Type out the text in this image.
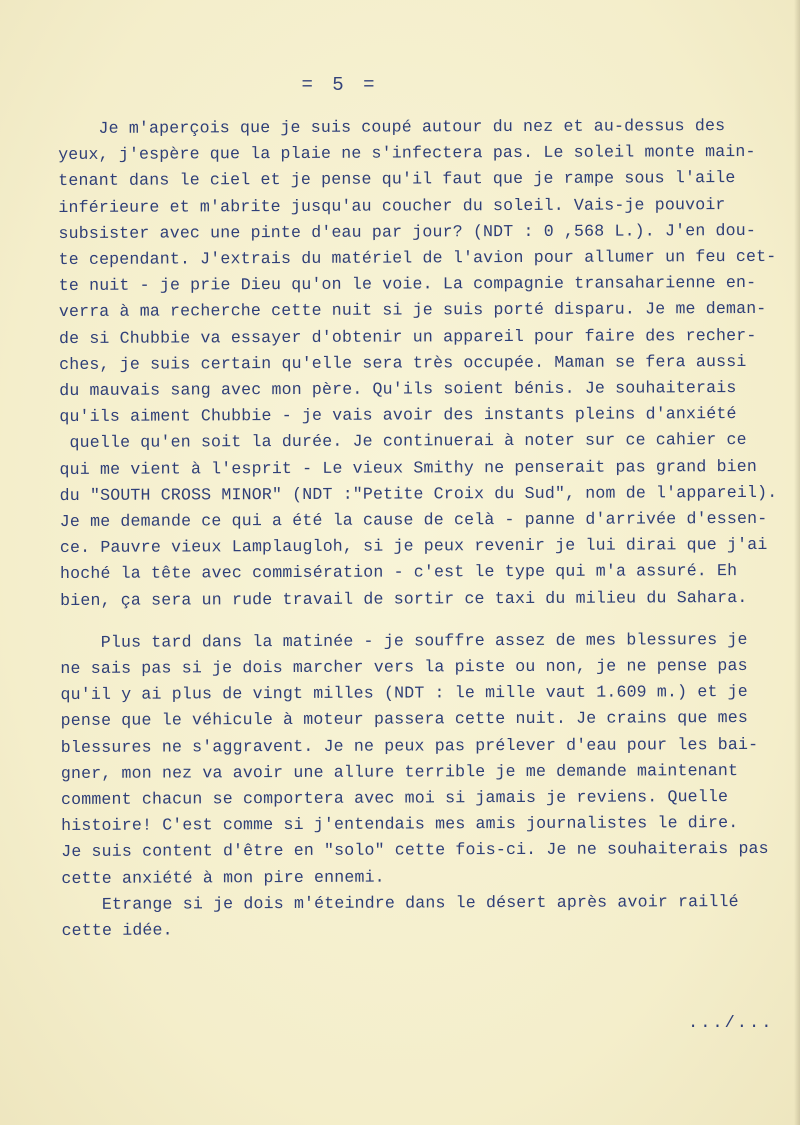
= 5 =
Je m'aperçois que je suis coupé autour du nez et au-dessus des
yeux, j'espère que la plaie ne s'infectera pas. Le soleil monte main-
tenant dans le ciel et je pense qu'il faut que je rampe sous l'aile
inférieure et m'abrite jusqu'au coucher du soleil. Vais-je pouvoir
subsister avec une pinte d'eau par jour? (NDT : 0 ,568 L.). J'en dou-
te cependant. J'extrais du matériel de l'avion pour allumer un feu cet-
te nuit - je prie Dieu qu'on le voie. La compagnie transaharienne en-
verra à ma recherche cette nuit si je suis porté disparu. Je me deman-
de si Chubbie va essayer d'obtenir un appareil pour faire des recher-
ches, je suis certain qu'elle sera très occupée. Maman se fera aussi
du mauvais sang avec mon père. Qu'ils soient bénis. Je souhaiterais
qu'ils aiment Chubbie - je vais avoir des instants pleins d'anxiété
quelle qu'en soit la durée. Je continuerai à noter sur ce cahier ce
qui me vient à l'esprit - Le vieux Smithy ne penserait pas grand bien
du "SOUTH CROSS MINOR" (NDT :"Petite Croix du Sud", nom de l'appareil).
Je me demande ce qui a été la cause de celà - panne d'arrivée d'essen-
ce. Pauvre vieux Lamplaugloh, si je peux revenir je lui dirai que j'ai
hoché la tête avec commisération - c'est le type qui m'a assuré. Eh
bien, ça sera un rude travail de sortir ce taxi du milieu du Sahara.
Plus tard dans la matinée - je souffre assez de mes blessures je
ne sais pas si je dois marcher vers la piste ou non, je ne pense pas
qu'il y ai plus de vingt milles (NDT : le mille vaut 1.609 m.) et je
pense que le véhicule à moteur passera cette nuit. Je crains que mes
blessures ne s'aggravent. Je ne peux pas prélever d'eau pour les bai-
gner, mon nez va avoir une allure terrible je me demande maintenant
comment chacun se comportera avec moi si jamais je reviens. Quelle
histoire! C'est comme si j'entendais mes amis journalistes le dire.
Je suis content d'être en "solo" cette fois-ci. Je ne souhaiterais pas
cette anxiété à mon pire ennemi.
Etrange si je dois m'éteindre dans le désert après avoir raillé
cette idée.
.../...
